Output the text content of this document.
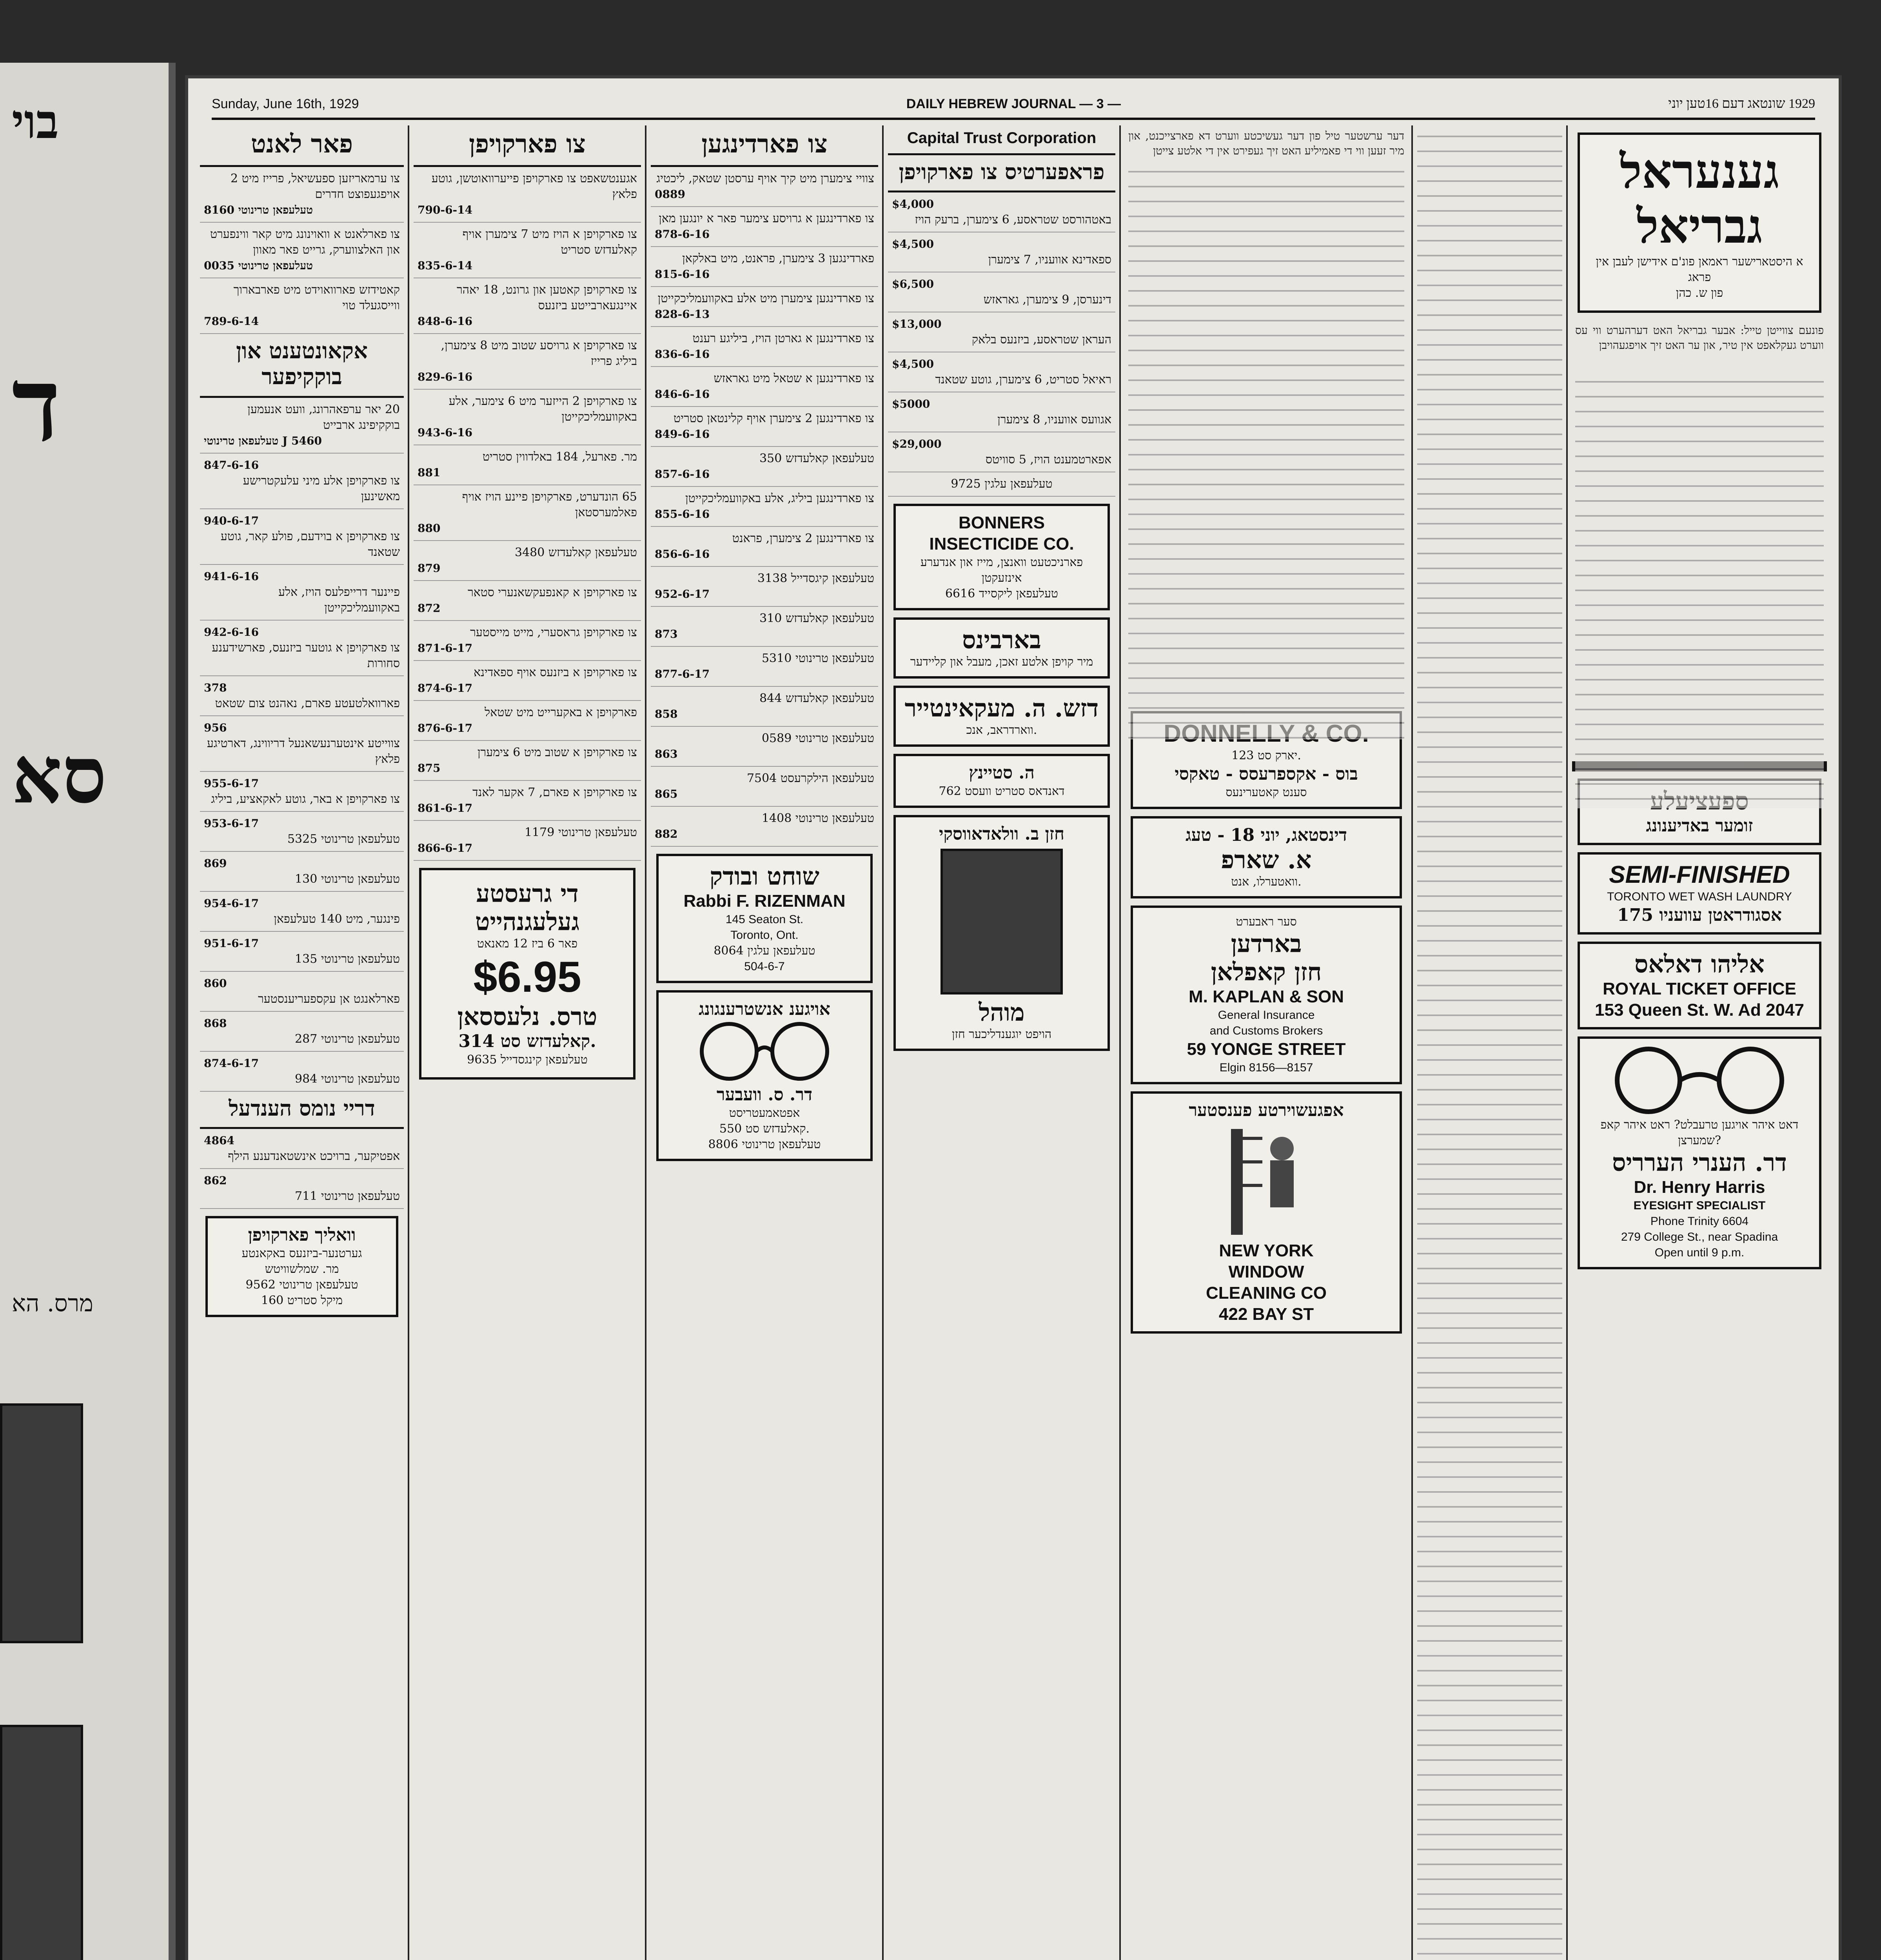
בוי
ד
סא
מרס. הא
Sunday, June 16th, 1929	DAILY HEBREW JOURNAL — 3 —	1929 שונטאג דעם 16טען יוני
פאר לאנט
צו ערמאריזען ספעשיאל, פרייז מיט 2 אויפגעפוצט חדרים
טעלעפאן טרינוטי 8160
צו פארלאנט א וואוינונג מיט קאר ווינפערט און האלצווערק, גרייט פאר מאוון
טעלעפאן טרינוטי 0035
קאטידזש פארוואוידט מיט פארבארוך ווייסגעלד טוי
789-6-14
אקאונטענט און בוקקיפער
20 יאר ערפאהרונג, וועט אנעמען בוקקיפינג ארבייט
טעלעפאן טרינוטי J 5460
847-6-16
צו פארקויפן אלע מיני עלעקטרישע מאשינען
940-6-17
צו פארקויפן א בוידעם, פולע קאר, גוטע שטאנד
941-6-16
פיינער דרייפלעס הויז, אלע באקוועמליכקייטן
942-6-16
צו פארקויפן א גוטער ביזנעס, פארשידענע סחורות
378
פארוואלטעטע פארם, נאהנט צום שטאט
956
צווייטע אינטערנעשאנעל דריווינג, דארטיגע פלאץ
955-6-17
צו פארקויפן א באר, גוטע לאקאציע, ביליג
953-6-17
טעלעפאן טרינוטי 5325
869
טעלעפאן טרינוטי 130
954-6-17
פינגער, מיט 140 טעלעפאן
951-6-17
טעלעפאן טרינוטי 135
860
פארלאנגט אן עקספעריענסטער
868
טעלעפאן טרינוטי 287
874-6-17
טעלעפאן טרינוטי 984
דריי נומס הענדעל
4864
אפטיקער, ברויכט אינשטאנדענע הילף
862
טעלעפאן טרינוטי 711
וואליך פארקויפן
גערטנער-ביזנעס באקאנטע
מר. שמלשוויטש
טעלעפאן טרינוטי 9562
160 מיקל סטריט
צו פארקויפן
אגענטשאפט צו פארקויפן פייערוואוטשן, גוטע פלאץ
790-6-14
צו פארקויפן א הויז מיט 7 צימערן אויף קאלעדזש סטריט
835-6-14
צו פארקויפן קאטען און גרונט, 18 יאהר איינגעארבייטע ביזנעס
848-6-16
צו פארקויפן א גרויסע שטוב מיט 8 צימערן, ביליג פרייז
829-6-16
צו פארקויפן 2 הייזער מיט 6 צימער, אלע באקוועמליכקייטן
943-6-16
מר. פארעל, 184 באלדווין סטריט
881
65 הונדערט, פארקויפן פיינע הויז אויף פאלמערסטאן
880
טעלעפאן קאלעדזש 3480
879
צו פארקויפן א קאנפעקשאנערי סטאר
872
צו פארקויפן גראסערי, מייט מייסטער
871-6-17
צו פארקויפן א ביזנעס אויף ספאדינא
874-6-17
פארקויפן א באקערייט מיט שטאל
876-6-17
צו פארקויפן א שטוב מיט 6 צימערן
875
צו פארקויפן א פארם, 7 אקער לאנד
861-6-17
טעלעפאן טרינוטי 1179
866-6-17
די גרעסטע
געלעגנהייט
פאר 6 ביז 12 מאנאט
$6.95
טרס. נלעססאן
314 קאלעדזש סט.
טעלעפאן קינגסדייל 9635
צו פארדינגען
צוויי צימערן מיט קיך אויף ערסטן שטאק, ליכטיג
0889
צו פארדינגען א גרויסע צימער פאר א יונגען מאן
878-6-16
פארדינגען 3 צימערן, פראנט, מיט באלקאן
815-6-16
צו פארדינגען צימערן מיט אלע באקוועמליכקייטן
828-6-13
צו פארדינגען א גארטן הויז, ביליגע רענט
836-6-16
צו פארדינגען א שטאל מיט גאראזש
846-6-16
צו פארדינגען 2 צימערן אויף קלינטאן סטריט
849-6-16
טעלעפאן קאלעדזש 350
857-6-16
צו פארדינגען ביליג, אלע באקוועמליכקייטן
855-6-16
צו פארדינגען 2 צימערן, פראנט
856-6-16
טעלעפאן קיגסדייל 3138
952-6-17
טעלעפאן קאלעדזש 310
873
טעלעפאן טרינוטי 5310
877-6-17
טעלעפאן קאלעדזש 844
858
טעלעפאן טרינוטי 0589
863
טעלעפאן הילקרעסט 7504
865
טעלעפאן טרינוטי 1408
882
שוחט ובודק
Rabbi F. RIZENMAN
145 Seaton St.
Toronto, Ont.
טעלעפאן עלגין 8064
504-6-7
אויגענ אנשטרענגונג
דר. ס. וועבער
אפטאמעטריסט
550 קאלעדזש סט.
טעלעפאן טרינוטי 8806
Capital Trust Corporation
פראפערטיס צו פארקויפן
$4,000
באטהורסט שטראסע, 6 צימערן, ברעק הויז
$4,500
ספאדינא אוועניו, 7 צימערן
$6,500
דינערסן, 9 צימערן, גאראזש
$13,000
העראן שטראסע, ביזנעס בלאק
$4,500
ראיאל סטריט, 6 צימערן, גוטע שטאנד
$5000
אגוועס אוועניו, 8 צימערן
$29,000
אפארטמענט הויז, 5 סוויטס
טעלעפאן עלגין 9725
BONNERS INSECTICIDE CO.
פארניכטעט וואנצן, מייז און אנדערע אינזעקטן
טעלעפאן ליקסייד 6616
בארבינס
מיר קויפן אלטע זאכן, מעבל און קליידער
דזש. ה. מעקאינטייר
ווארדראב, אנכ.
ה. סטיינץ
762 דאנדאס סטריט וועסט
חזן ב. וולאדאווסקי
מוהל
הויפט יוגענדליכער חזן
דער ערשטער טיל פון דער געשיכטע ווערט דא פארצייכנט, און מיר זעען ווי די פאמיליע האט זיך געפירט אין די אלטע צייטן
123 יארק סט.
בוס - אקספרעסס - טאקסי
סענט קאטערינעס
דינסטאג, יוני 18 - טעג
א. שארפ
וואטערלו, אנט.
סער ראבערט
בארדען
חזן קאפלאן
M. KAPLAN & SON
General Insurance
and Customs Brokers
59 YONGE STREET
Elgin 8156—8157
אפגעשוירטע פענסטער
NEW YORK
WINDOW
CLEANING CO
422 BAY ST
גענעראל
גבריאל
א היסטארישער ראמאן פונ'ם אידישן לעבן אין פראג
פון ש. כהן
פונעם צווייטן טייל: אבער גבריאל האט דערהערט ווי עס ווערט געקלאפט אין טיר, און ער האט זיך אויפגעהויבן
זומער באדיענונג
SEMI-FINISHED
TORONTO WET WASH LAUNDRY
175 אסגודראטן עוועניו
אליהו דאלאס
ROYAL TICKET OFFICE
153 Queen St. W. Ad 2047
דאט איהר אויגען טרעבלט? ראט איהר קאפ שמערצן?
דר. הענרי הערריס
Dr. Henry Harris
EYESIGHT SPECIALIST
Phone Trinity 6604
279 College St., near Spadina
Open until 9 p.m.
